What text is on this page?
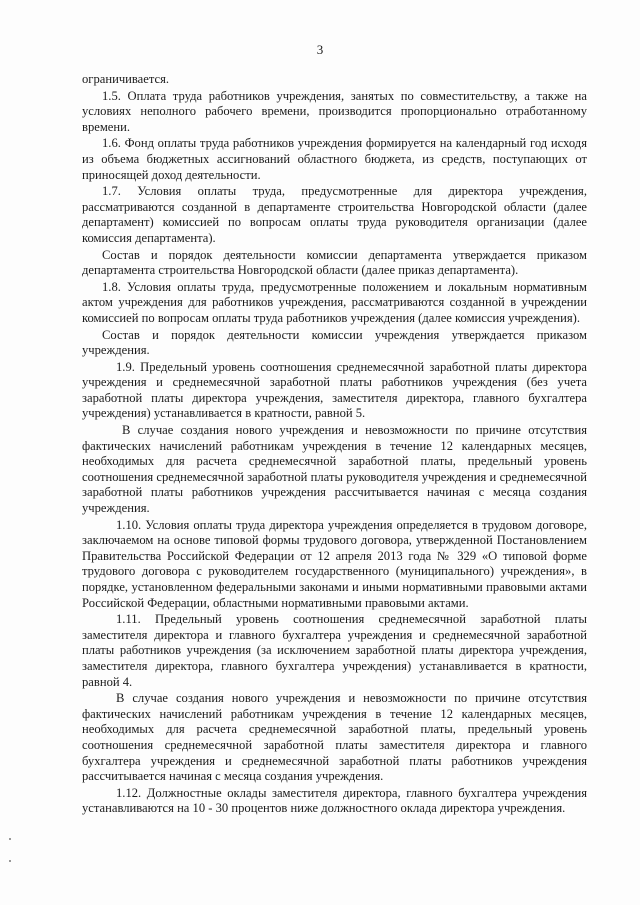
3

ограничивается.

1.5. Оплата труда работников учреждения, занятых по совместительству, а также на условиях неполного рабочего времени, производится пропорционально отработанному времени.

1.6. Фонд оплаты труда работников учреждения формируется на календарный год исходя из объема бюджетных ассигнований областного бюджета, из средств, поступающих от приносящей доход деятельности.

1.7. Условия оплаты труда, предусмотренные для директора учреждения, рассматриваются созданной в департаменте строительства Новгородской области (далее департамент) комиссией по вопросам оплаты труда руководителя организации (далее комиссия департамента).

Состав и порядок деятельности комиссии департамента утверждается приказом департамента строительства Новгородской области (далее приказ департамента).

1.8. Условия оплаты труда, предусмотренные положением и локальным нормативным актом учреждения для работников учреждения, рассматриваются созданной в учреждении комиссией по вопросам оплаты труда работников учреждения (далее комиссия учреждения).

Состав и порядок деятельности комиссии учреждения утверждается приказом учреждения.

1.9. Предельный уровень соотношения среднемесячной заработной платы директора учреждения и среднемесячной заработной платы работников учреждения (без учета заработной платы директора учреждения, заместителя директора, главного бухгалтера учреждения) устанавливается в кратности, равной 5.

В случае создания нового учреждения и невозможности по причине отсутствия фактических начислений работникам учреждения в течение 12 календарных месяцев, необходимых для расчета среднемесячной заработной платы, предельный уровень соотношения среднемесячной заработной платы руководителя учреждения и среднемесячной заработной платы работников учреждения рассчитывается начиная с месяца создания учреждения.

1.10. Условия оплаты труда директора учреждения определяется в трудовом договоре, заключаемом на основе типовой формы трудового договора, утвержденной Постановлением Правительства Российской Федерации от 12 апреля 2013 года № 329 «О типовой форме трудового договора с руководителем государственного (муниципального) учреждения», в порядке, установленном федеральными законами и иными нормативными правовыми актами Российской Федерации, областными нормативными правовыми актами.

1.11. Предельный уровень соотношения среднемесячной заработной платы заместителя директора и главного бухгалтера учреждения и среднемесячной заработной платы работников учреждения (за исключением заработной платы директора учреждения, заместителя директора, главного бухгалтера учреждения) устанавливается в кратности, равной 4.

В случае создания нового учреждения и невозможности по причине отсутствия фактических начислений работникам учреждения в течение 12 календарных месяцев, необходимых для расчета среднемесячной заработной платы, предельный уровень соотношения среднемесячной заработной платы заместителя директора и главного бухгалтера учреждения и среднемесячной заработной платы работников учреждения рассчитывается начиная с месяца создания учреждения.

1.12. Должностные оклады заместителя директора, главного бухгалтера учреждения устанавливаются на 10 - 30 процентов ниже должностного оклада директора учреждения.
